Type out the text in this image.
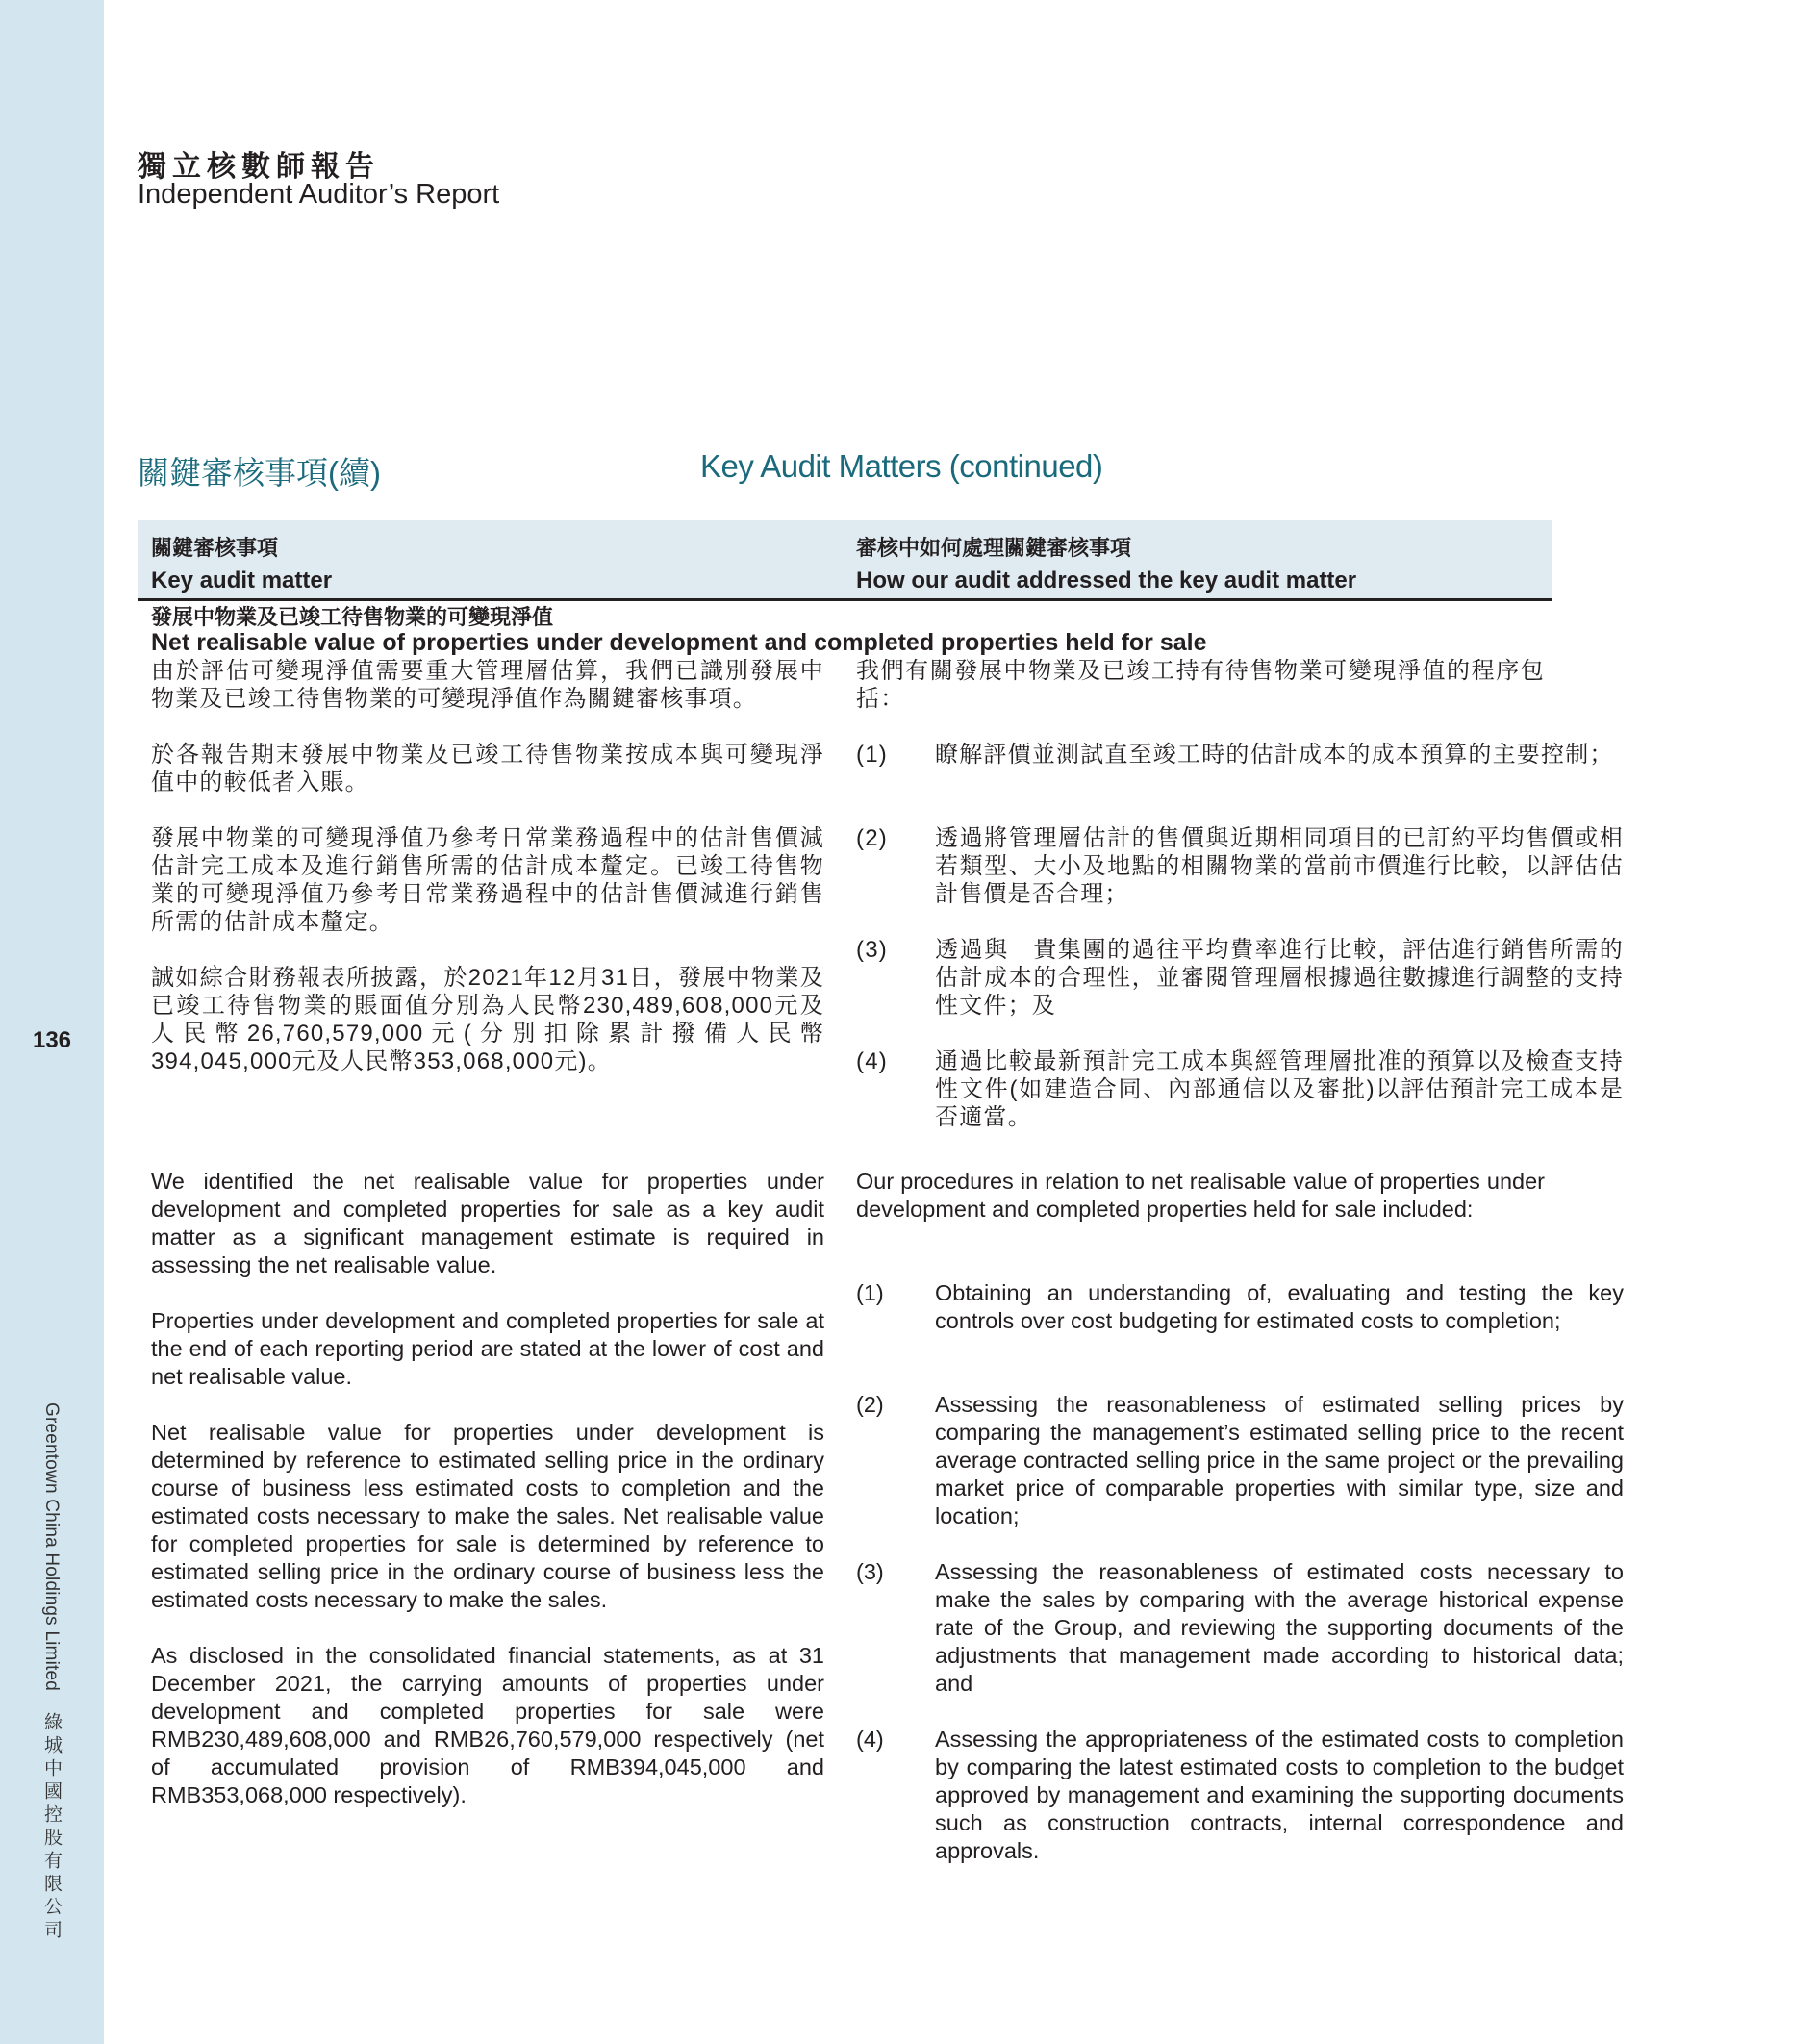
136
Greentown China Holdings Limited綠城中國控股有限公司
獨立核數師報告
Independent Auditor’s Report
關鍵審核事項(續)	Key Audit Matters (continued)
關鍵審核事項
Key audit matter
審核中如何處理關鍵審核事項
How our audit addressed the key audit matter
發展中物業及已竣工待售物業的可變現淨值
Net realisable value of properties under development and completed properties held for sale
由於評估可變現淨值需要重大管理層估算，我們已識別發展中物業及已竣工待售物業的可變現淨值作為關鍵審核事項。
於各報告期末發展中物業及已竣工待售物業按成本與可變現淨值中的較低者入賬。
發展中物業的可變現淨值乃參考日常業務過程中的估計售價減估計完工成本及進行銷售所需的估計成本釐定。已竣工待售物業的可變現淨值乃參考日常業務過程中的估計售價減進行銷售所需的估計成本釐定。
誠如綜合財務報表所披露，於2021年12月31日，發展中物業及已竣工待售物業的賬面值分別為人民幣230,489,608,000元及人民幣26,760,579,000元(分別扣除累計撥備人民幣394,045,000元及人民幣353,068,000元)。
We identified the net realisable value for properties under development and completed properties for sale as a key audit matter as a significant management estimate is required in assessing the net realisable value.
Properties under development and completed properties for sale at the end of each reporting period are stated at the lower of cost and net realisable value.
Net realisable value for properties under development is determined by reference to estimated selling price in the ordinary course of business less estimated costs to completion and the estimated costs necessary to make the sales. Net realisable value for completed properties for sale is determined by reference to estimated selling price in the ordinary course of business less the estimated costs necessary to make the sales.
As disclosed in the consolidated financial statements, as at 31 December 2021, the carrying amounts of properties under development and completed properties for sale were RMB230,489,608,000 and RMB26,760,579,000 respectively (net of accumulated provision of RMB394,045,000 and RMB353,068,000 respectively).
我們有關發展中物業及已竣工持有待售物業可變現淨值的程序包括：
(1) 瞭解評價並測試直至竣工時的估計成本的成本預算的主要控制；
(2) 透過將管理層估計的售價與近期相同項目的已訂約平均售價或相若類型、大小及地點的相關物業的當前市價進行比較，以評估估計售價是否合理；
(3) 透過與　貴集團的過往平均費率進行比較，評估進行銷售所需的估計成本的合理性，並審閱管理層根據過往數據進行調整的支持性文件；及
(4) 通過比較最新預計完工成本與經管理層批准的預算以及檢查支持性文件(如建造合同、內部通信以及審批)以評估預計完工成本是否適當。
Our procedures in relation to net realisable value of properties under development and completed properties held for sale included:
(1) Obtaining an understanding of, evaluating and testing the key controls over cost budgeting for estimated costs to completion;
(2) Assessing the reasonableness of estimated selling prices by comparing the management’s estimated selling price to the recent average contracted selling price in the same project or the prevailing market price of comparable properties with similar type, size and location;
(3) Assessing the reasonableness of estimated costs necessary to make the sales by comparing with the average historical expense rate of the Group, and reviewing the supporting documents of the adjustments that management made according to historical data; and
(4) Assessing the appropriateness of the estimated costs to completion by comparing the latest estimated costs to completion to the budget approved by management and examining the supporting documents such as construction contracts, internal correspondence and approvals.
